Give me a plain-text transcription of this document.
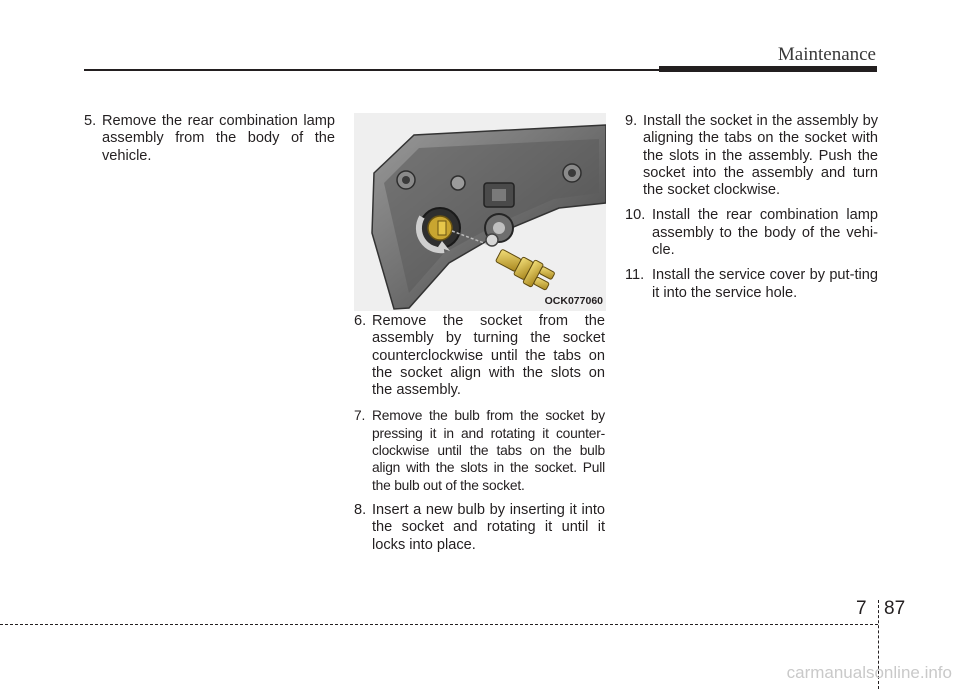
Maintenance
5. Remove the rear combination lamp assembly from the body of the vehicle.
OCK077060
6. Remove the socket from the assembly by turning the socket counterclockwise until the tabs on the socket align with the slots on the assembly.
7. Remove the bulb from the socket by pressing it in and rotating it counter-clockwise until the tabs on the bulb align with the slots in the socket. Pull the bulb out of the socket.
8. Insert a new bulb by inserting it into the socket and rotating it until it locks into place.
9. Install the socket in the assembly by aligning the tabs on the socket with the slots in the assembly. Push the socket into the assembly and turn the socket clockwise.
10. Install the rear combination lamp assembly to the body of the vehi-cle.
11. Install the service cover by put-ting it into the service hole.
7 87
carmanualsonline.info
